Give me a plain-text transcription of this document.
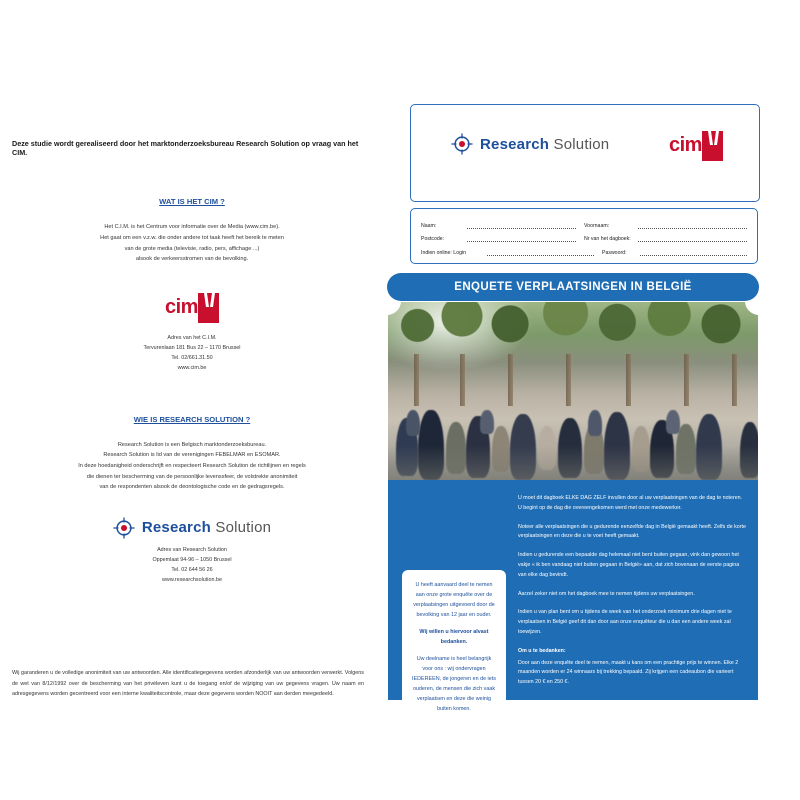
Deze studie wordt gerealiseerd door het marktonderzoeksbureau Research Solution op vraag van het CIM.
WAT IS HET CIM ?

Het C.I.M. is het Centrum voor informatie over de Media (www.cim.be).

Het gaat om een v.z.w. die onder andere tot taak heeft het bereik te meten

van de grote media (televisie, radio, pers, affichage ...)

alsook de verkeersstromen van de bevolking.

cim

Adres van het C.I.M.

Tervurenlaan 181 Bus 22 – 1170 Brussel

Tel. 02/661.31.50

www.cim.be

WIE IS RESEARCH SOLUTION ?

Research Solution is een Belgisch marktonderzoeksbureau.

Research Solution is lid van de verenigingen FEBELMAR en ESOMAR.

In deze hoedanigheid onderschrijft en respecteert Research Solution de richtlijnen en regels

die dienen ter bescherming van de persoonlijke levenssfeer, de volstrekte anonimiteit

van de respondenten alsook de deontologische code en de gedragsregels.

Research Solution

Adres van Research Solution

Oppemlaat 94-96 – 1050 Brussel

Tel. 02 644 56 26

www.researchsolution.be

Wij garanderen u de volledige anonimiteit van uw antwoorden. Alle identificatiegegevens worden afzonderlijk van uw antwoorden verwerkt. Volgens de wet van 8/12/1992 over de bescherming van het privéleven kunt u de toegang en/of de wijziging van uw gegevens vragen. Uw naam en adresgegevens worden gecentreerd voor een interne kwaliteitscontrole, maar deze gegevens worden NOOIT aan derden meegedeeld.
Research Solution	cim
Naam:	Voornaam:
Postcode:	Nr van het dagboek:
Indien online: Login	Paswoord:
ENQUETE VERPLAATSINGEN IN BELGIË

U heeft aanvaard deel te nemen aan onze grote enquête over de verplaatsingen uitgevoerd door de bevolking van 12 jaar en ouder.

Wij willen u hiervoor alvast bedanken.

Uw deelname is heel belangrijk voor ons : wij ondervragen IEDEREEN, de jongeren en de iets ouderen, de mensen die zich vaak verplaatsen en deze die weinig buiten komen.

U moet dit dagboek ELKE DAG ZELF invullen door al uw verplaatsingen van de dag te noteren. U begint op de dag die overeengekomen werd met onze medewerker.

Noteer alle verplaatsingen die u gedurende eenzelfde dag in België gemaakt heeft. Zelfs de korte verplaatsingen en deze die u te voet heeft gemaakt.

Indien u gedurende een bepaalde dag helemaal niet bent buiten gegaan, vink dan gewoon het vakje « ik ben vandaag niet buiten gegaan in België» aan, dat zich bovenaan de eerste pagina van elke dag bevindt.

Aarzel zeker niet om het dagboek mee te nemen tijdens uw verplaatsingen.

Indien u van plan bent om u tijdens de week van het onderzoek minimum drie dagen niet te verplaatsen in België geef dit dan door aan onze enquêteur die u dan een andere week zal toewijzen.

Om u te bedanken:

Door aan deze enquête deel te nemen, maakt u kans om een prachtige prijs te winnen. Elke 2 maanden worden er 24 winnaars bij trekking bepaald. Zij krijgen een cadeaubon die varieert tussen 20 € en 250 €.
